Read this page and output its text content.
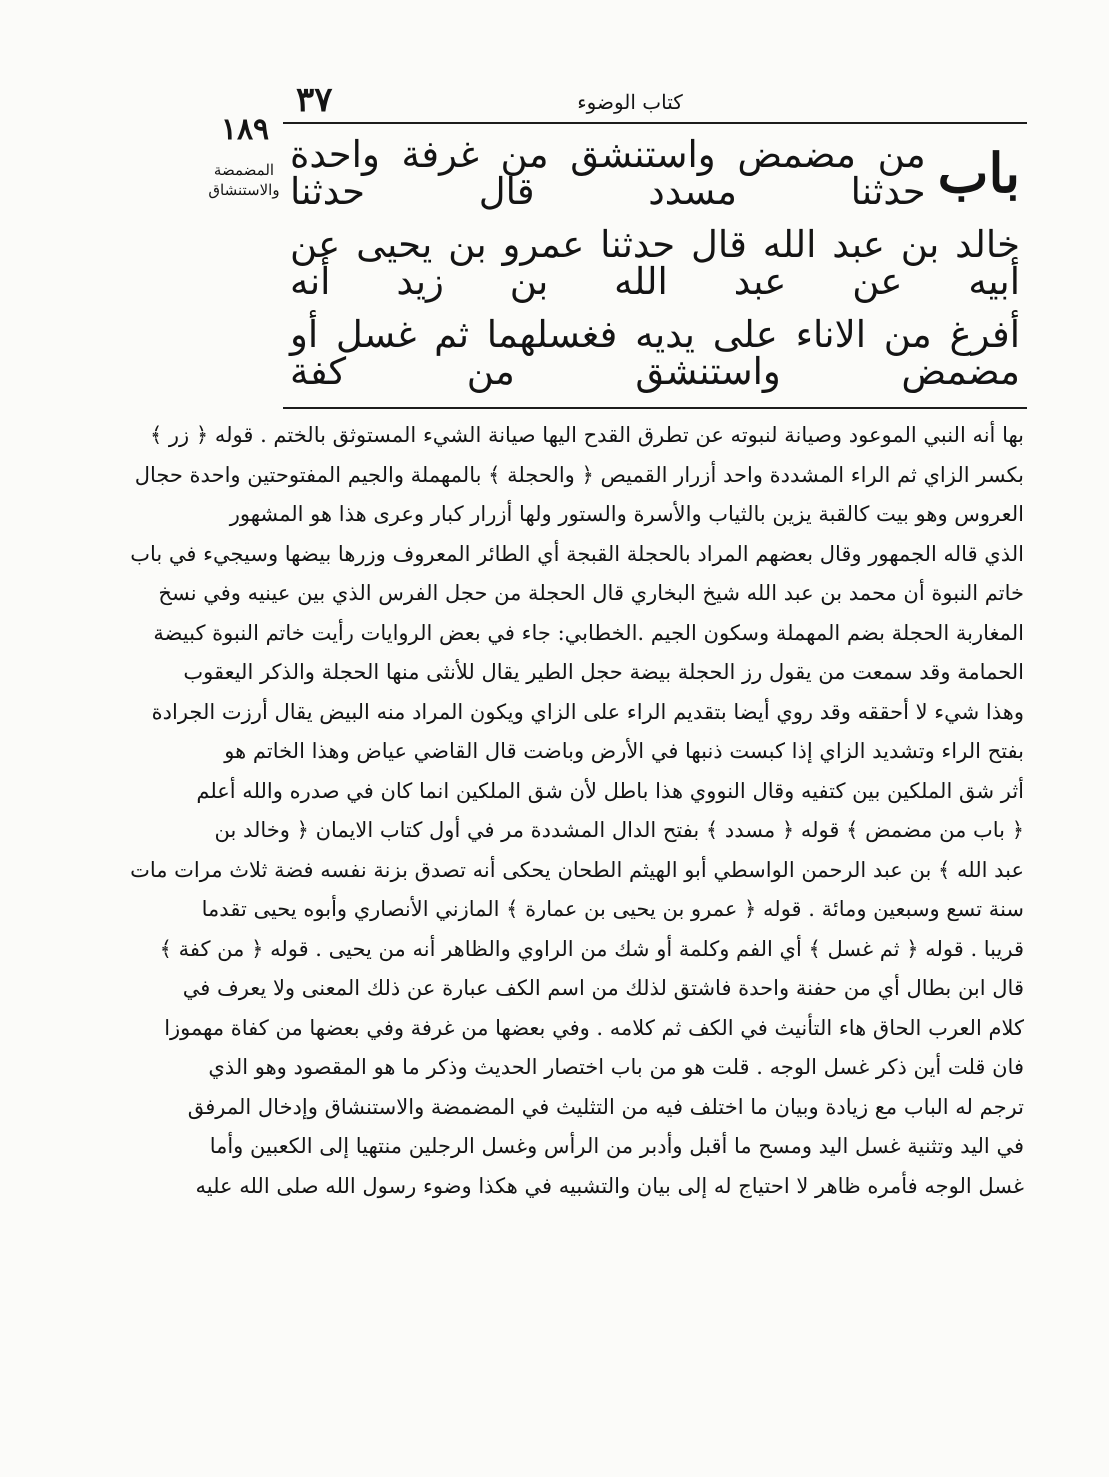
۳۷	كتاب الوضوء
۱۸۹
المضمضة والاستنشاق	باب
من مضمض واستنشق من غرفة واحدة حدثنا مسدد قال حدثنا
خالد بن عبد الله قال حدثنا عمرو بن يحيى عن أبيه عن عبد الله بن زيد أنه
أفرغ من الاناء على يديه فغسلهما ثم غسل أو مضمض واستنشق من كفة
بها أنه النبي الموعود وصيانة لنبوته عن تطرق القدح اليها صيانة الشيء المستوثق بالختم . قوله ﴿ زر ﴾
بكسر الزاي ثم الراء المشددة واحد أزرار القميص ﴿ والحجلة ﴾ بالمهملة والجيم المفتوحتين واحدة حجال
العروس وهو بيت كالقبة يزين بالثياب والأسرة والستور ولها أزرار كبار وعرى هذا هو المشهور
الذي قاله الجمهور وقال بعضهم المراد بالحجلة القبجة أي الطائر المعروف وزرها بيضها وسيجيء في باب
خاتم النبوة أن محمد بن عبد الله شيخ البخاري قال الحجلة من حجل الفرس الذي بين عينيه وفي نسخ
المغاربة الحجلة بضم المهملة وسكون الجيم .الخطابي: جاء في بعض الروايات رأيت خاتم النبوة كبيضة
الحمامة وقد سمعت من يقول رز الحجلة بيضة حجل الطير يقال للأنثى منها الحجلة والذكر اليعقوب
وهذا شيء لا أحققه وقد روي أيضا بتقديم الراء على الزاي ويكون المراد منه البيض يقال أرزت الجرادة
بفتح الراء وتشديد الزاي إذا كبست ذنبها في الأرض وباضت قال القاضي عياض وهذا الخاتم هو
أثر شق الملكين بين كتفيه وقال النووي هذا باطل لأن شق الملكين انما كان في صدره والله أعلم
﴿ باب من مضمض ﴾ قوله ﴿ مسدد ﴾ بفتح الدال المشددة مر في أول كتاب الايمان ﴿ وخالد بن
عبد الله ﴾ بن عبد الرحمن الواسطي أبو الهيثم الطحان يحكى أنه تصدق بزنة نفسه فضة ثلاث مرات مات
سنة تسع وسبعين ومائة . قوله ﴿ عمرو بن يحيى بن عمارة ﴾ المازني الأنصاري وأبوه يحيى تقدما
قريبا . قوله ﴿ ثم غسل ﴾ أي الفم وكلمة أو شك من الراوي والظاهر أنه من يحيى . قوله ﴿ من كفة ﴾
قال ابن بطال أي من حفنة واحدة فاشتق لذلك من اسم الكف عبارة عن ذلك المعنى ولا يعرف في
كلام العرب الحاق هاء التأنيث في الكف ثم كلامه . وفي بعضها من غرفة وفي بعضها من كفاة مهموزا
فان قلت أين ذكر غسل الوجه . قلت هو من باب اختصار الحديث وذكر ما هو المقصود وهو الذي
ترجم له الباب مع زيادة وبيان ما اختلف فيه من التثليث في المضمضة والاستنشاق وإدخال المرفق
في اليد وتثنية غسل اليد ومسح ما أقبل وأدبر من الرأس وغسل الرجلين منتهيا إلى الكعبين وأما
غسل الوجه فأمره ظاهر لا احتياج له إلى بيان والتشبيه في هكذا وضوء رسول الله صلى الله عليه
